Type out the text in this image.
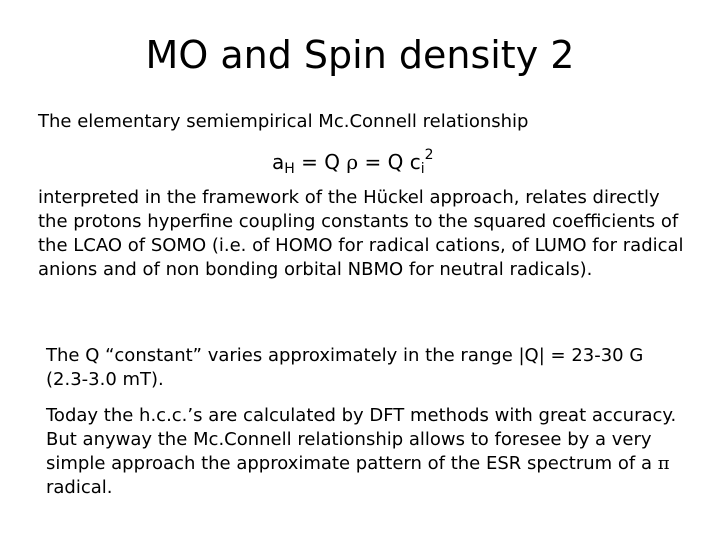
MO and Spin density 2
The elementary semiempirical Mc.Connell relationship
$a_H = Q$ ρ = Q $c_i^2$
interpreted in the framework of the Hückel approach, relates directly the protons hyperfine coupling constants to the squared coefficients of the LCAO of SOMO (i.e. of HOMO for radical cations, of LUMO for radical anions and of non bonding orbital NBMO for neutral radicals).
The Q “constant” varies approximately in the range |Q| = 23-30 G (2.3-3.0 mT).
Today the h.c.c.’s are calculated by DFT methods with great accuracy. But anyway the Mc.Connell relationship allows to foresee by a very simple approach the approximate pattern of the ESR spectrum of a π radical.
